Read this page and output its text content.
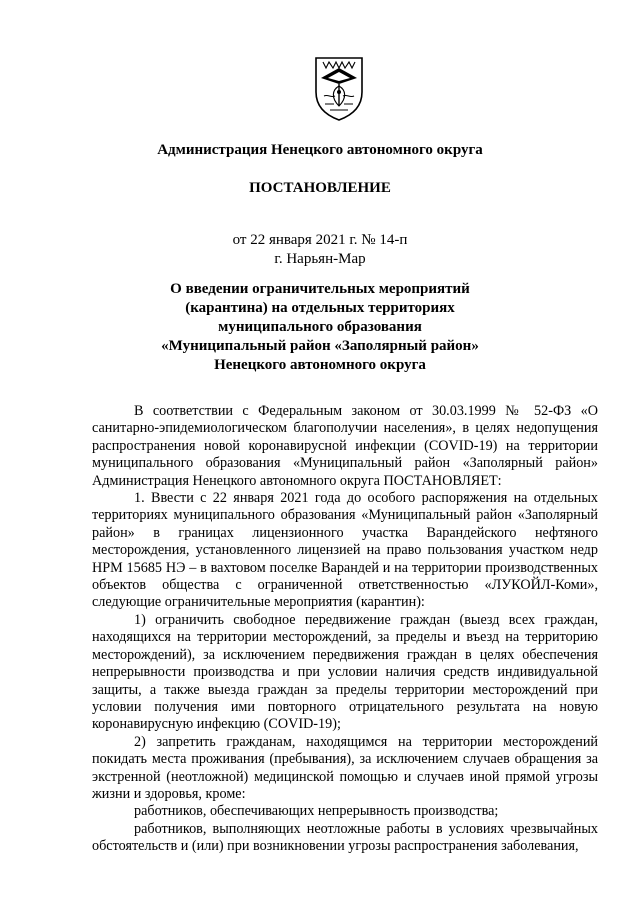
Администрация Ненецкого автономного округа
ПОСТАНОВЛЕНИЕ
от 22 января 2021 г. № 14-п
г. Нарьян-Мар
О введении ограничительных мероприятий
(карантина) на отдельных территориях
муниципального образования
«Муниципальный район «Заполярный район»
Ненецкого автономного округа

В соответствии с Федеральным законом от 30.03.1999 № 52-ФЗ «О санитарно-эпидемиологическом благополучии населения», в целях недопущения распространения новой коронавирусной инфекции (COVID-19) на территории муниципального образования «Муниципальный район «Заполярный район» Администрация Ненецкого автономного округа ПОСТАНОВЛЯЕТ:

1. Ввести с 22 января 2021 года до особого распоряжения на отдельных территориях муниципального образования «Муниципальный район «Заполярный район» в границах лицензионного участка Варандейского нефтяного месторождения, установленного лицензией на право пользования участком недр НРМ 15685 НЭ – в вахтовом поселке Варандей и на территории производственных объектов общества с ограниченной ответственностью «ЛУКОЙЛ-Коми», следующие ограничительные мероприятия (карантин):

1) ограничить свободное передвижение граждан (выезд всех граждан, находящихся на территории месторождений, за пределы и въезд на территорию месторождений), за исключением передвижения граждан в целях обеспечения непрерывности производства и при условии наличия средств индивидуальной защиты, а также выезда граждан за пределы территории месторождений при условии получения ими повторного отрицательного результата на новую коронавирусную инфекцию (COVID-19);

2) запретить гражданам, находящимся на территории месторождений покидать места проживания (пребывания), за исключением случаев обращения за экстренной (неотложной) медицинской помощью и случаев иной прямой угрозы жизни и здоровья, кроме:

работников, обеспечивающих непрерывность производства;

работников, выполняющих неотложные работы в условиях чрезвычайных обстоятельств и (или) при возникновении угрозы распространения заболевания,
